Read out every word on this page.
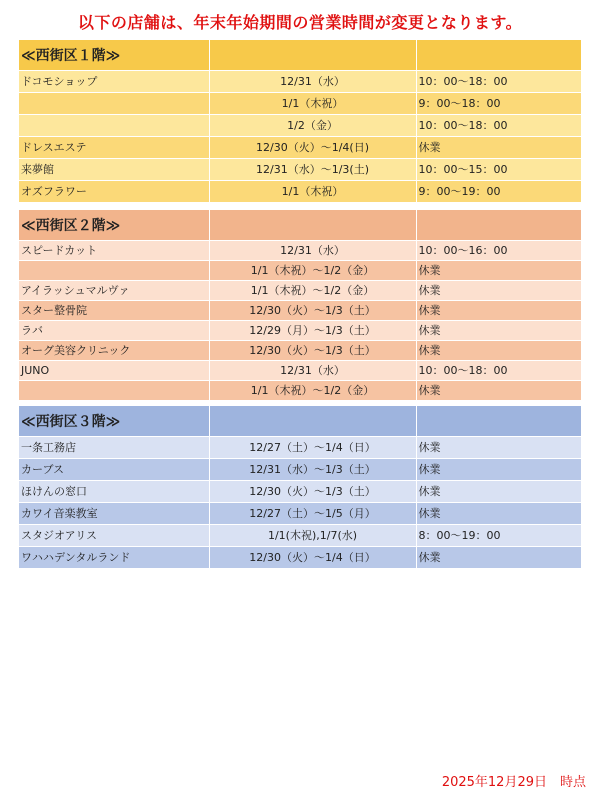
以下の店舗は、年末年始期間の営業時間が変更となります。
≪西街区１階≫		
ドコモショップ	12/31（水）	10：00～18：00
	1/1（木祝）	9：00～18：00
	1/2（金）	10：00～18：00
ドレスエステ	12/30（火）～1/4(日)	休業
来夢館	12/31（水）～1/3(土)	10：00～15：00
オズフラワー	1/1（木祝）	9：00～19：00
≪西街区２階≫		
スピードカット	12/31（水）	10：00～16：00
	1/1（木祝）～1/2（金）	休業
アイラッシュマルヴァ	1/1（木祝）～1/2（金）	休業
スター整骨院	12/30（火）～1/3（土）	休業
ラバ	12/29（月）～1/3（土）	休業
オーグ美容クリニック	12/30（火）～1/3（土）	休業
JUNO	12/31（水）	10：00～18：00
	1/1（木祝）～1/2（金）	休業
≪西街区３階≫		
一条工務店	12/27（土）～1/4（日）	休業
カーブス	12/31（水）～1/3（土）	休業
ほけんの窓口	12/30（火）～1/3（土）	休業
カワイ音楽教室	12/27（土）～1/5（月）	休業
スタジオアリス	1/1(木祝),1/7(水)	8：00～19：00
ワハハデンタルランド	12/30（火）～1/4（日）	休業
2025年12月29日　時点
